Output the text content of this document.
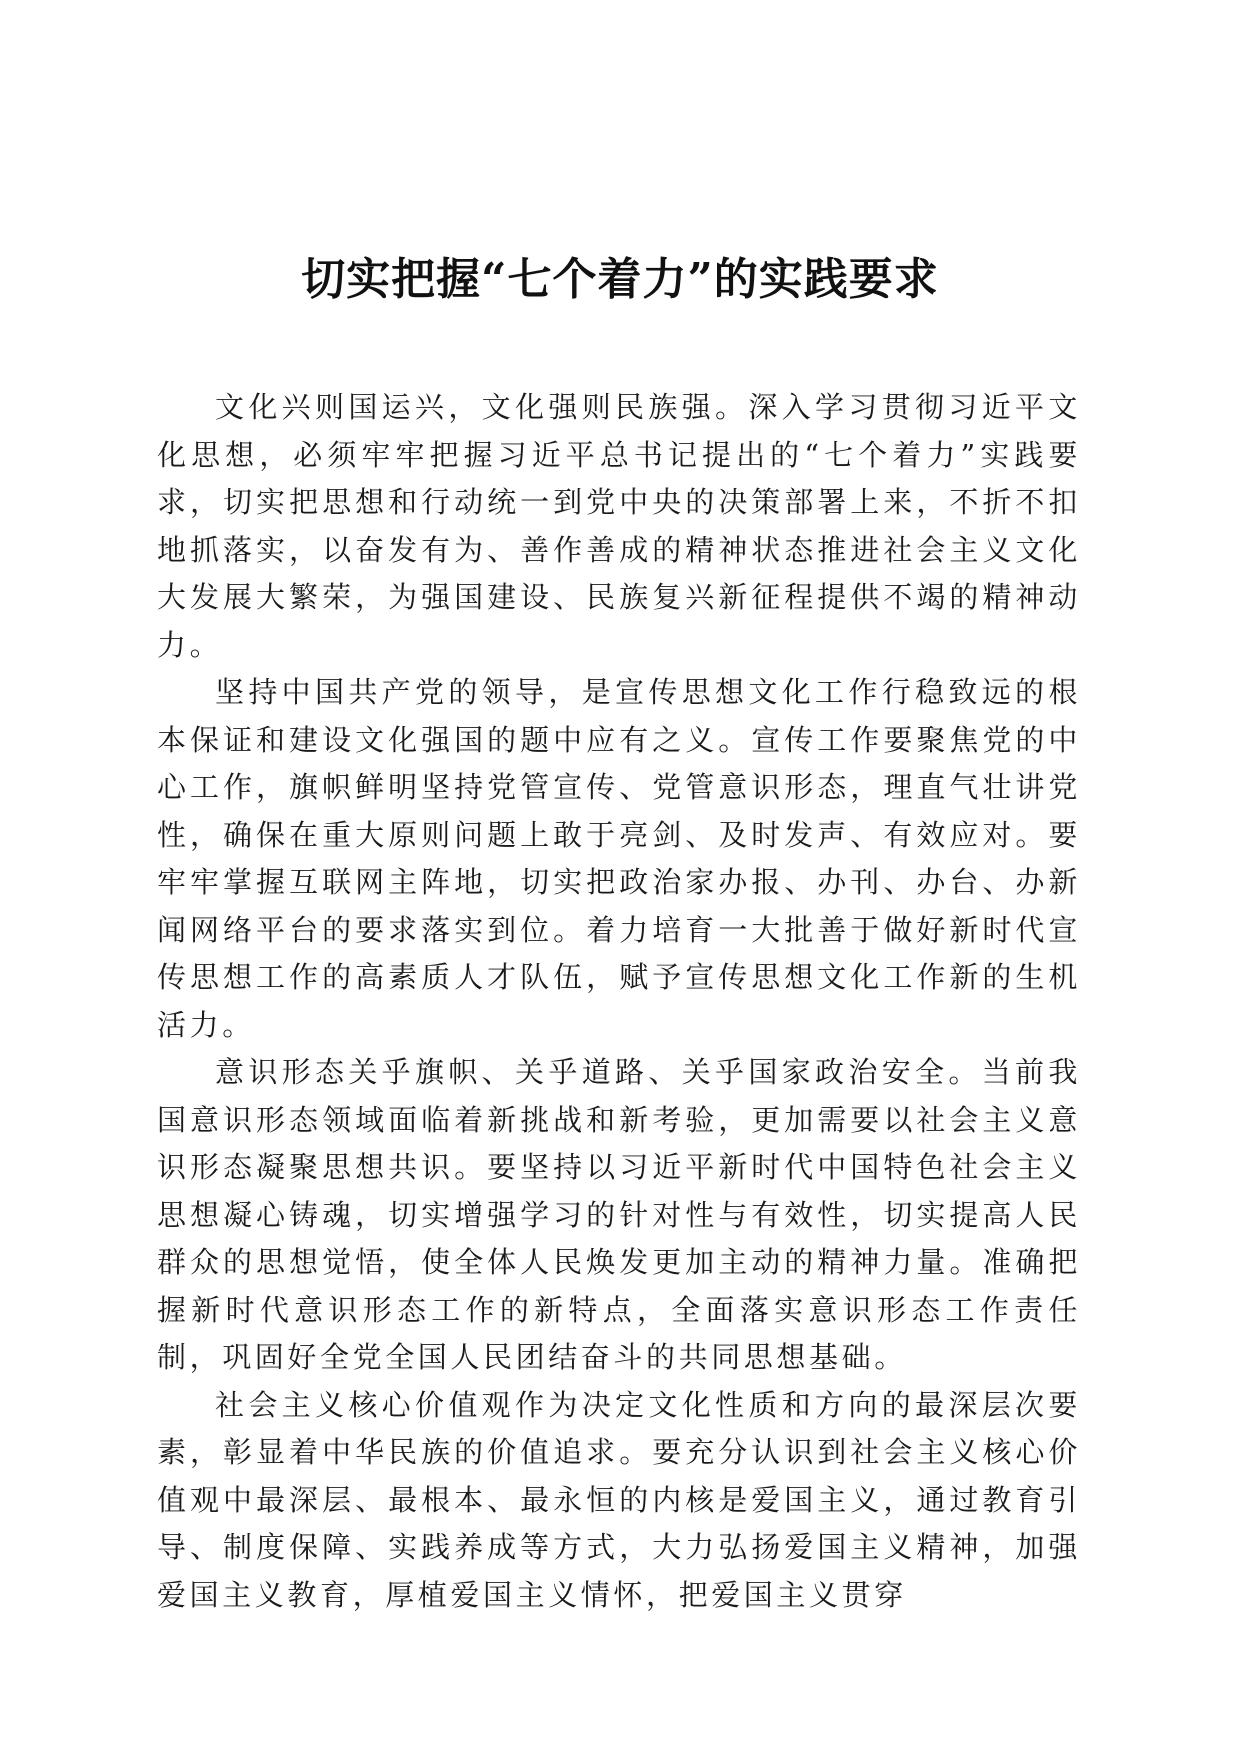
切实把握“七个着力”的实践要求

文化兴则国运兴，文化强则民族强。深入学习贯彻习近平文化思想，必须牢牢把握习近平总书记提出的“七个着力”实践要求，切实把思想和行动统一到党中央的决策部署上来，不折不扣地抓落实，以奋发有为、善作善成的精神状态推进社会主义文化大发展大繁荣，为强国建设、民族复兴新征程提供不竭的精神动力。

坚持中国共产党的领导，是宣传思想文化工作行稳致远的根本保证和建设文化强国的题中应有之义。宣传工作要聚焦党的中心工作，旗帜鲜明坚持党管宣传、党管意识形态，理直气壮讲党性，确保在重大原则问题上敢于亮剑、及时发声、有效应对。要牢牢掌握互联网主阵地，切实把政治家办报、办刊、办台、办新闻网络平台的要求落实到位。着力培育一大批善于做好新时代宣传思想工作的高素质人才队伍，赋予宣传思想文化工作新的生机活力。

意识形态关乎旗帜、关乎道路、关乎国家政治安全。当前我国意识形态领域面临着新挑战和新考验，更加需要以社会主义意识形态凝聚思想共识。要坚持以习近平新时代中国特色社会主义思想凝心铸魂，切实增强学习的针对性与有效性，切实提高人民群众的思想觉悟，使全体人民焕发更加主动的精神力量。准确把握新时代意识形态工作的新特点，全面落实意识形态工作责任制，巩固好全党全国人民团结奋斗的共同思想基础。

社会主义核心价值观作为决定文化性质和方向的最深层次要素，彰显着中华民族的价值追求。要充分认识到社会主义核心价值观中最深层、最根本、最永恒的内核是爱国主义，通过教育引导、制度保障、实践养成等方式，大力弘扬爱国主义精神，加强爱国主义教育，厚植爱国主义情怀，把爱国主义贯穿
